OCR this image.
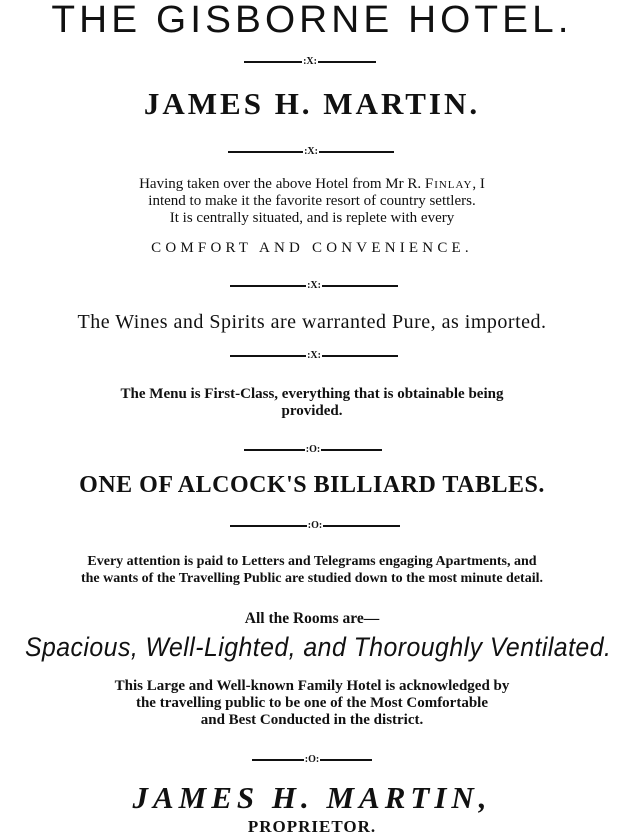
THE GISBORNE HOTEL.
:X:
JAMES H. MARTIN.
:X:
Having taken over the above Hotel from Mr R. Finlay, I
intend to make it the favorite resort of country settlers.
It is centrally situated, and is replete with every
COMFORT AND CONVENIENCE.
:X:
The Wines and Spirits are warranted Pure, as imported.
:X:
The Menu is First-Class, everything that is obtainable being
provided.
:O:
ONE OF ALCOCK'S BILLIARD TABLES.
:O:
Every attention is paid to Letters and Telegrams engaging Apartments, and
the wants of the Travelling Public are studied down to the most minute detail.
All the Rooms are—
Spacious, Well-Lighted, and Thoroughly Ventilated.
This Large and Well-known Family Hotel is acknowledged by
the travelling public to be one of the Most Comfortable
and Best Conducted in the district.
:O:
JAMES H. MARTIN,
PROPRIETOR.
